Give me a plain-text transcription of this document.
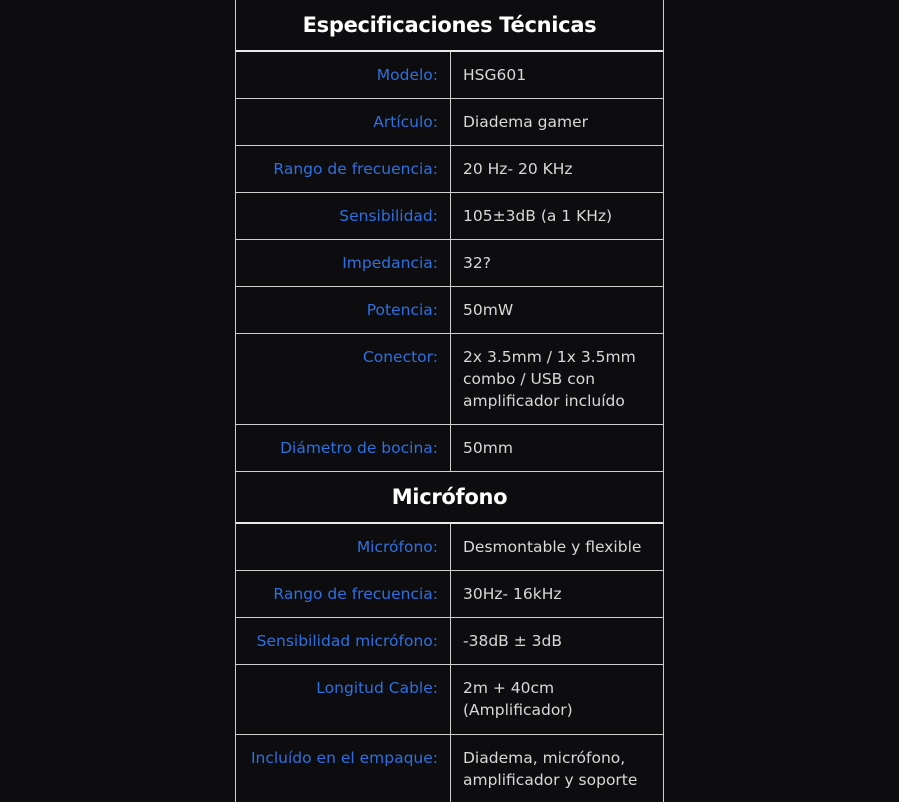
Especificaciones Técnicas
Modelo:	HSG601
Artículo:	Diadema gamer
Rango de frecuencia:	20 Hz- 20 KHz
Sensibilidad:	105±3dB (a 1 KHz)
Impedancia:	32?
Potencia:	50mW
Conector:	2x 3.5mm / 1x 3.5mm combo / USB con amplificador incluído
Diámetro de bocina:	50mm
Micrófono
Micrófono:	Desmontable y flexible
Rango de frecuencia:	30Hz- 16kHz
Sensibilidad micrófono:	-38dB ± 3dB
Longitud Cable:	2m + 40cm (Amplificador)
Incluído en el empaque:	Diadema, micrófono, amplificador y soporte
